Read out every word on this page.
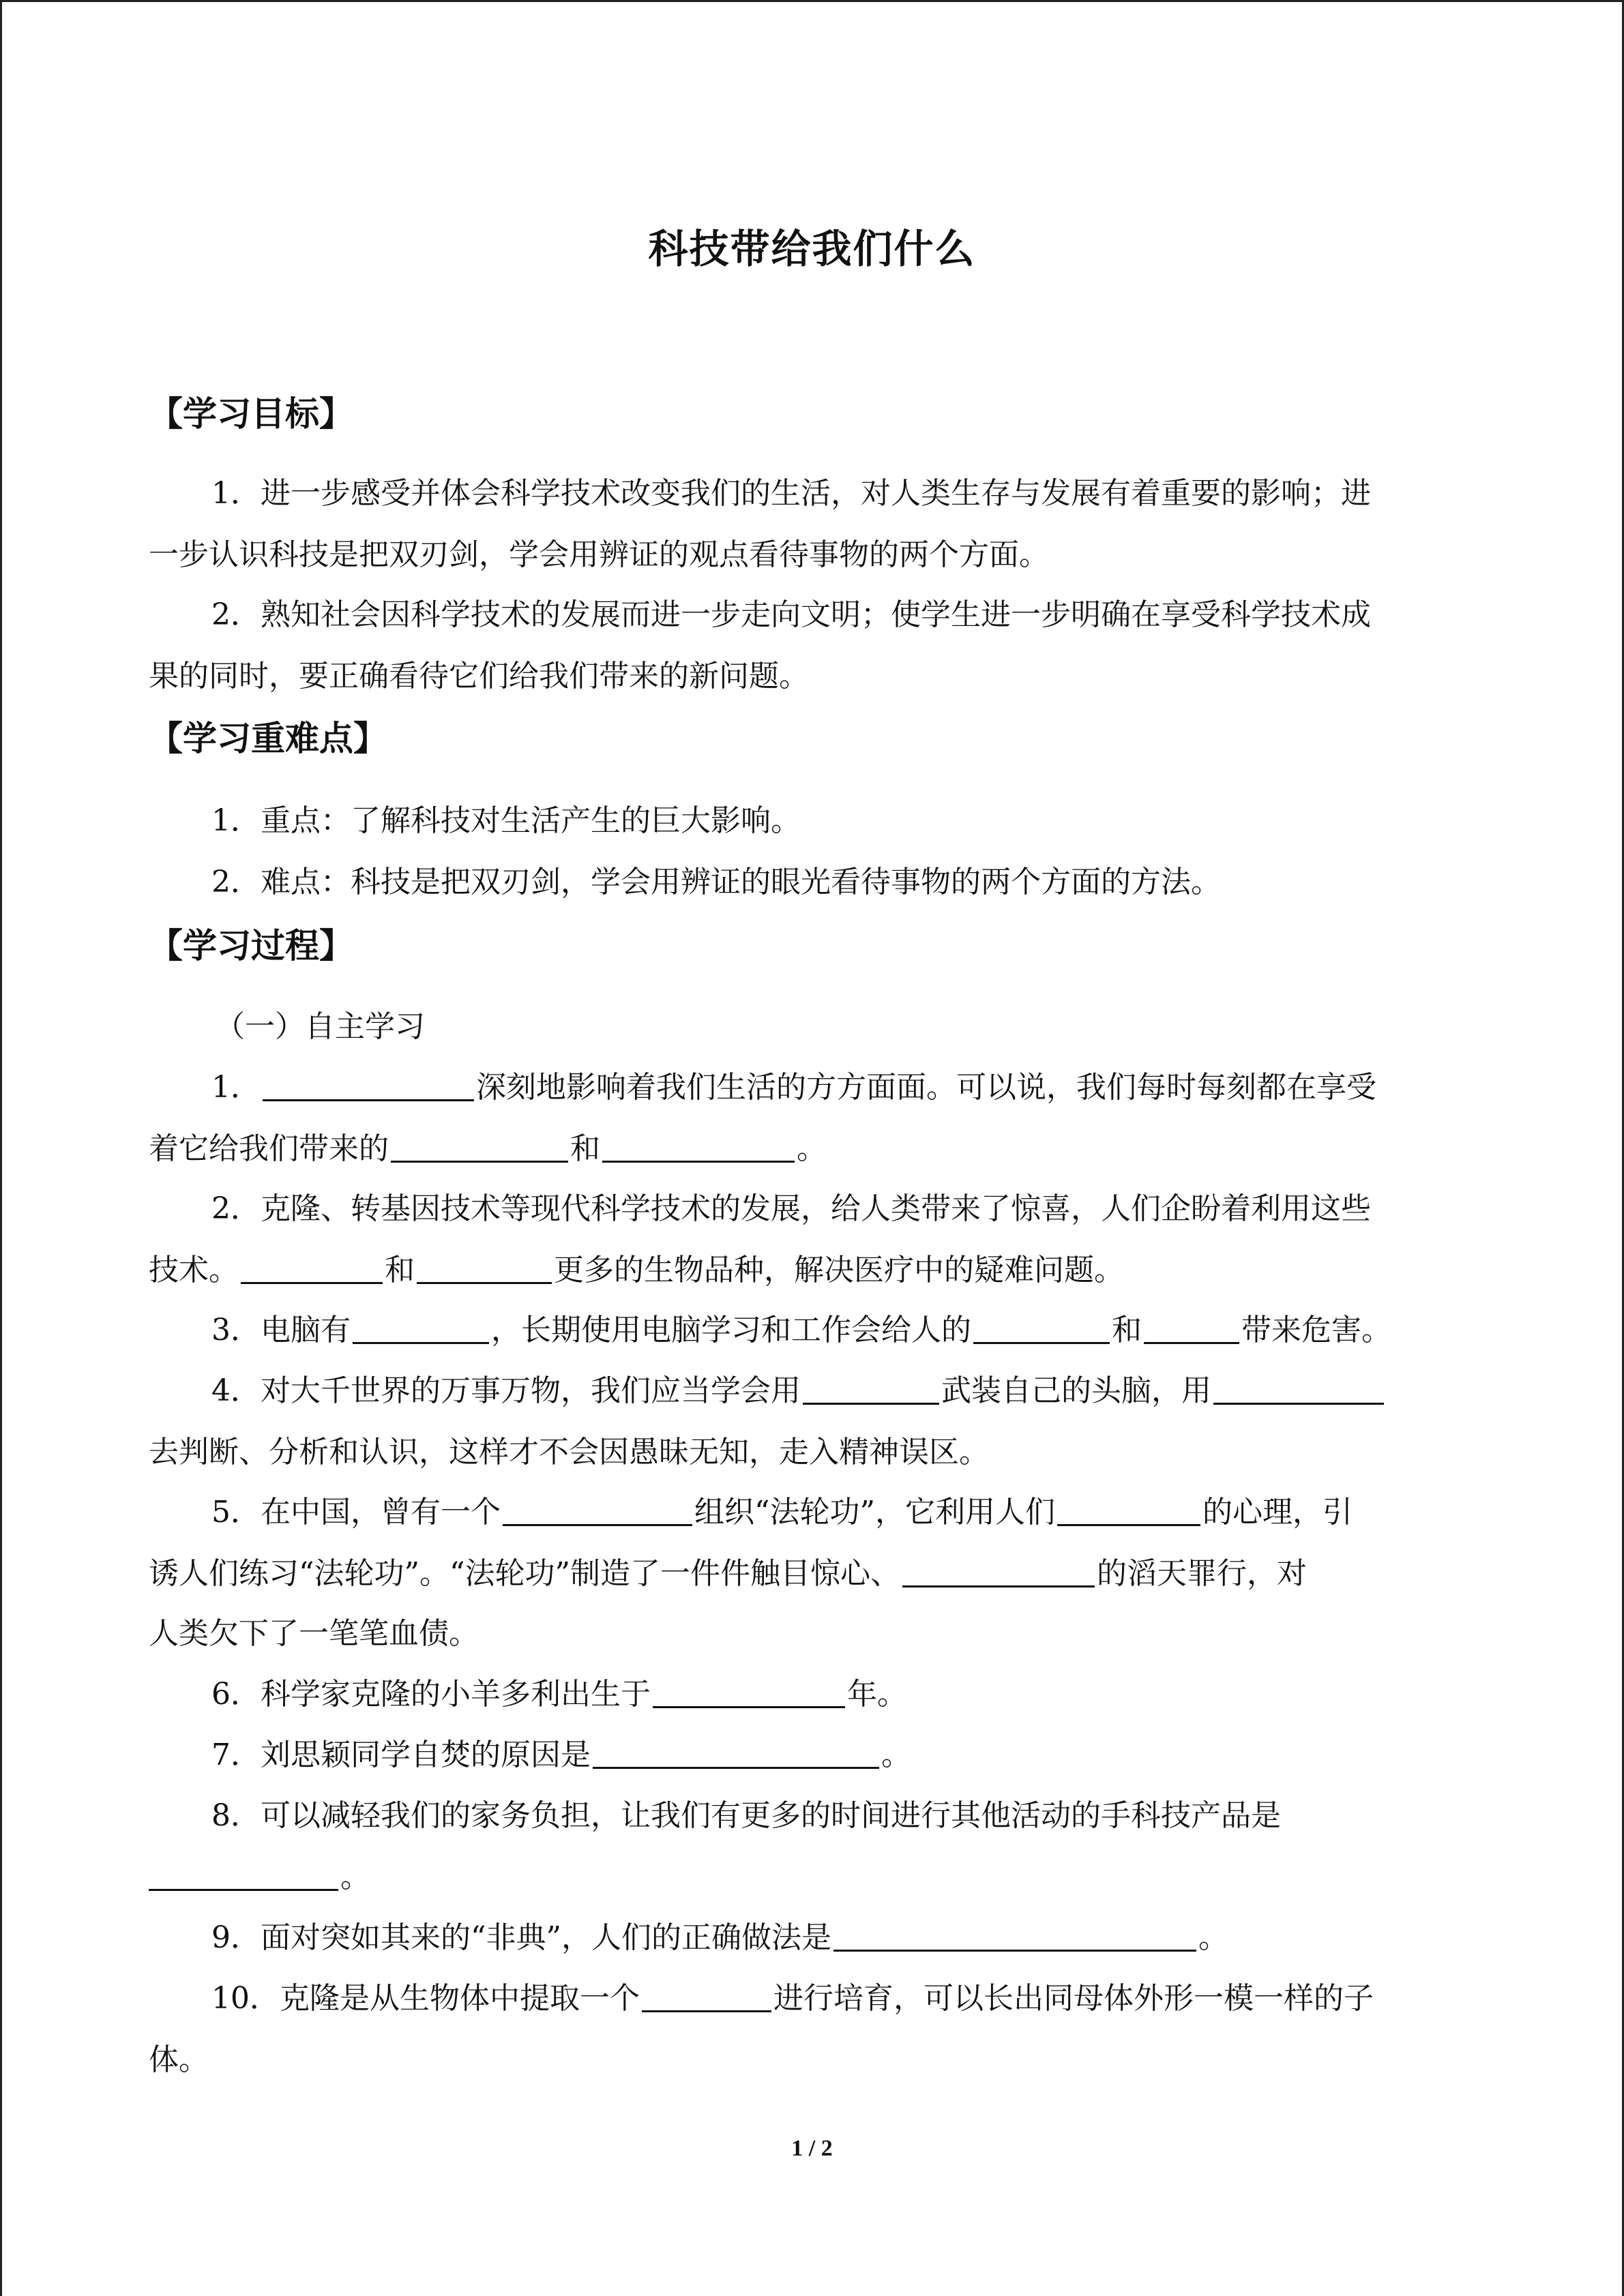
科技带给我们什么
【学习目标】
1．进一步感受并体会科学技术改变我们的生活，对人类生存与发展有着重要的影响；进
一步认识科技是把双刃剑，学会用辨证的观点看待事物的两个方面。
2．熟知社会因科学技术的发展而进一步走向文明；使学生进一步明确在享受科学技术成
果的同时，要正确看待它们给我们带来的新问题。
【学习重难点】
1．重点：了解科技对生活产生的巨大影响。
2．难点：科技是把双刃剑，学会用辨证的眼光看待事物的两个方面的方法。
【学习过程】
（一）自主学习
1．	深刻地影响着我们生活的方方面面。可以说，我们每时每刻都在享受
着它给我们带来的	和	。
2．克隆、转基因技术等现代科学技术的发展，给人类带来了惊喜，人们企盼着利用这些
技术。	和	更多的生物品种，解决医疗中的疑难问题。
3．电脑有	，长期使用电脑学习和工作会给人的	和	带来危害。
4．对大千世界的万事万物，我们应当学会用	武装自己的头脑，用
去判断、分析和认识，这样才不会因愚昧无知，走入精神误区。
5．在中国，曾有一个	组织“法轮功”，它利用人们	的心理，引
诱人们练习“法轮功”。“法轮功”制造了一件件触目惊心、	的滔天罪行，对
人类欠下了一笔笔血债。
6．科学家克隆的小羊多利出生于	年。
7．刘思颖同学自焚的原因是	。
8．可以减轻我们的家务负担，让我们有更多的时间进行其他活动的手科技产品是
。
9．面对突如其来的“非典”，人们的正确做法是	。
10．克隆是从生物体中提取一个	进行培育，可以长出同母体外形一模一样的子
体。
1 / 2
